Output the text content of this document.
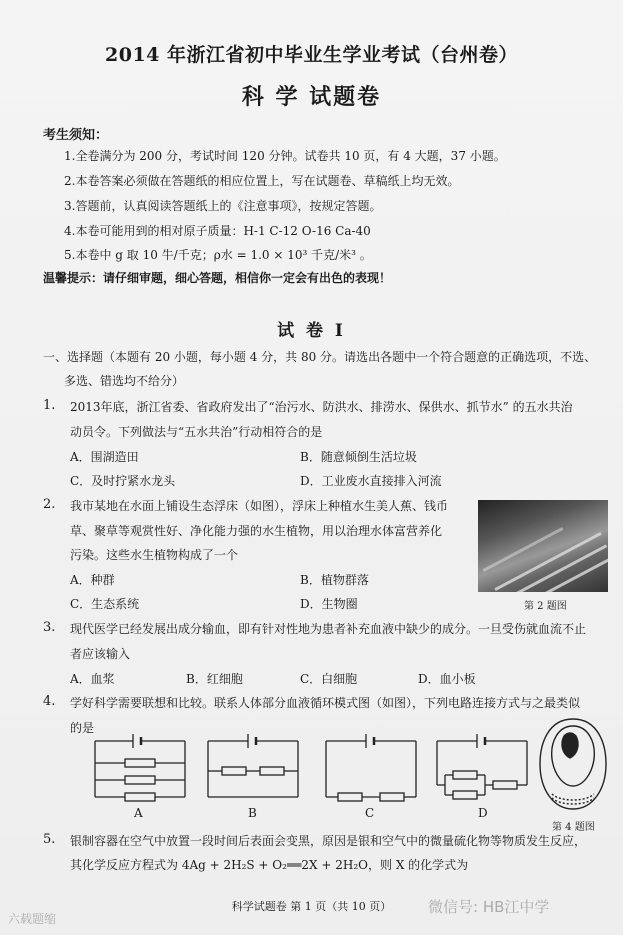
2014 年浙江省初中毕业生学业考试（台州卷）
科 学 试题卷
考生须知：
1.全卷满分为 200 分，考试时间 120 分钟。试卷共 10 页，有 4 大题，37 小题。
2.本卷答案必须做在答题纸的相应位置上，写在试题卷、草稿纸上均无效。
3.答题前，认真阅读答题纸上的《注意事项》，按规定答题。
4.本卷可能用到的相对原子质量：H-1 C-12 O-16 Ca-40
5.本卷中 g 取 10 牛/千克；ρ水 = 1.0 × 10³ 千克/米³ 。
温馨提示：请仔细审题，细心答题，相信你一定会有出色的表现！
试 卷 Ⅰ
一、选择题（本题有 20 小题，每小题 4 分，共 80 分。请选出各题中一个符合题意的正确选项，不选、
多选、错选均不给分）
1. 2013年底，浙江省委、省政府发出了“治污水、防洪水、排涝水、保供水、抓节水” 的五水共治
动员令。下列做法与“五水共治”行动相符合的是
A．围湖造田	B．随意倾倒生活垃圾
C．及时拧紧水龙头	D．工业废水直接排入河流
2. 我市某地在水面上铺设生态浮床（如图），浮床上种植水生美人蕉、钱币
草、聚草等观赏性好、净化能力强的水生植物，用以治理水体富营养化
污染。这些水生植物构成了一个
A．种群	B．植物群落
C．生态系统	D．生物圈	第 2 题图
3. 现代医学已经发展出成分输血，即有针对性地为患者补充血液中缺少的成分。一旦受伤就血流不止
者应该输入
A．血浆	B．红细胞	C．白细胞	D．血小板
4. 学好科学需要联想和比较。联系人体部分血液循环模式图（如图），下列电路连接方式与之最类似
的是
A	B	C	D
第 4 题图
5. 银制容器在空气中放置一段时间后表面会变黑，原因是银和空气中的微量硫化物等物质发生反应，
其化学反应方程式为 4Ag + 2H₂S + O₂══2X + 2H₂O，则 X 的化学式为
科学试题卷 第 1 页（共 10 页）	微信号: HB江中学
六载题缩
